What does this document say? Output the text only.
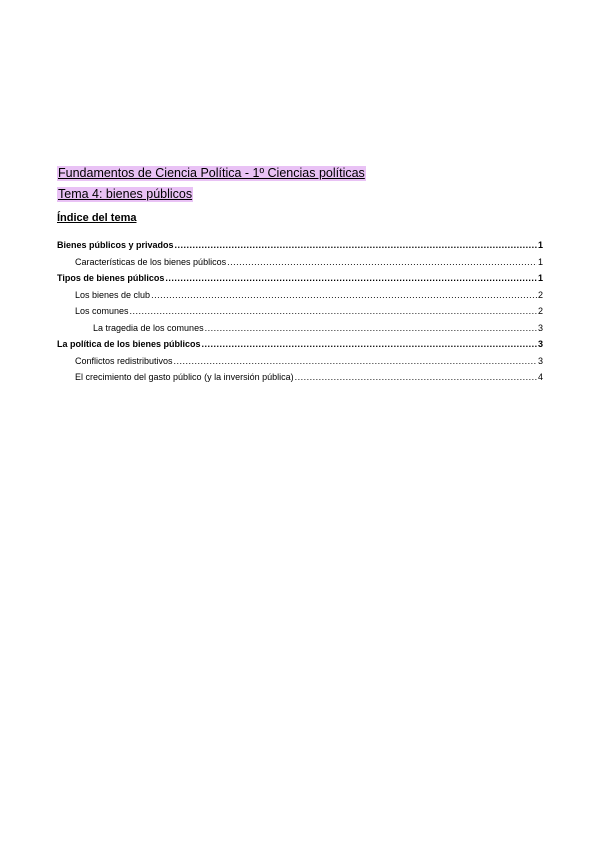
Fundamentos de Ciencia Política - 1º Ciencias políticas
Tema 4: bienes públicos
Índice del tema
Bienes públicos y privados .....	1
Características de los bienes públicos .....	1
Tipos de bienes públicos .....	1
Los bienes de club .....	2
Los comunes .....	2
La tragedia de los comunes .....	3
La política de los bienes públicos .....	3
Conflictos redistributivos .....	3
El crecimiento del gasto público (y la inversión pública) .....	4
